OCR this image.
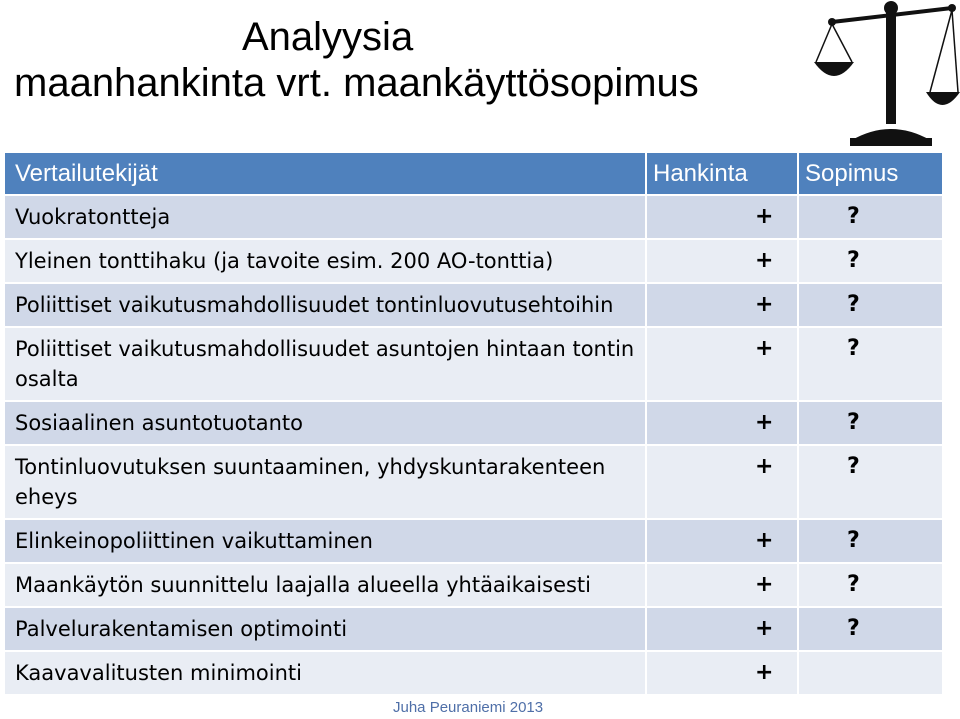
Analyysia
maanhankinta vrt. maankäyttösopimus
Vertailutekijät	Hankinta	Sopimus
Vuokratontteja	+	?
Yleinen tonttihaku (ja tavoite esim. 200 AO-tonttia)	+	?
Poliittiset vaikutusmahdollisuudet tontinluovutusehtoihin	+	?
Poliittiset vaikutusmahdollisuudet asuntojen hintaan tontin osalta	+	?
Sosiaalinen asuntotuotanto	+	?
Tontinluovutuksen suuntaaminen, yhdyskuntarakenteen eheys	+	?
Elinkeinopoliittinen vaikuttaminen	+	?
Maankäytön suunnittelu laajalla alueella yhtäaikaisesti	+	?
Palvelurakentamisen optimointi	+	?
Kaavavalitusten minimointi	+	
Juha Peuraniemi 2013
